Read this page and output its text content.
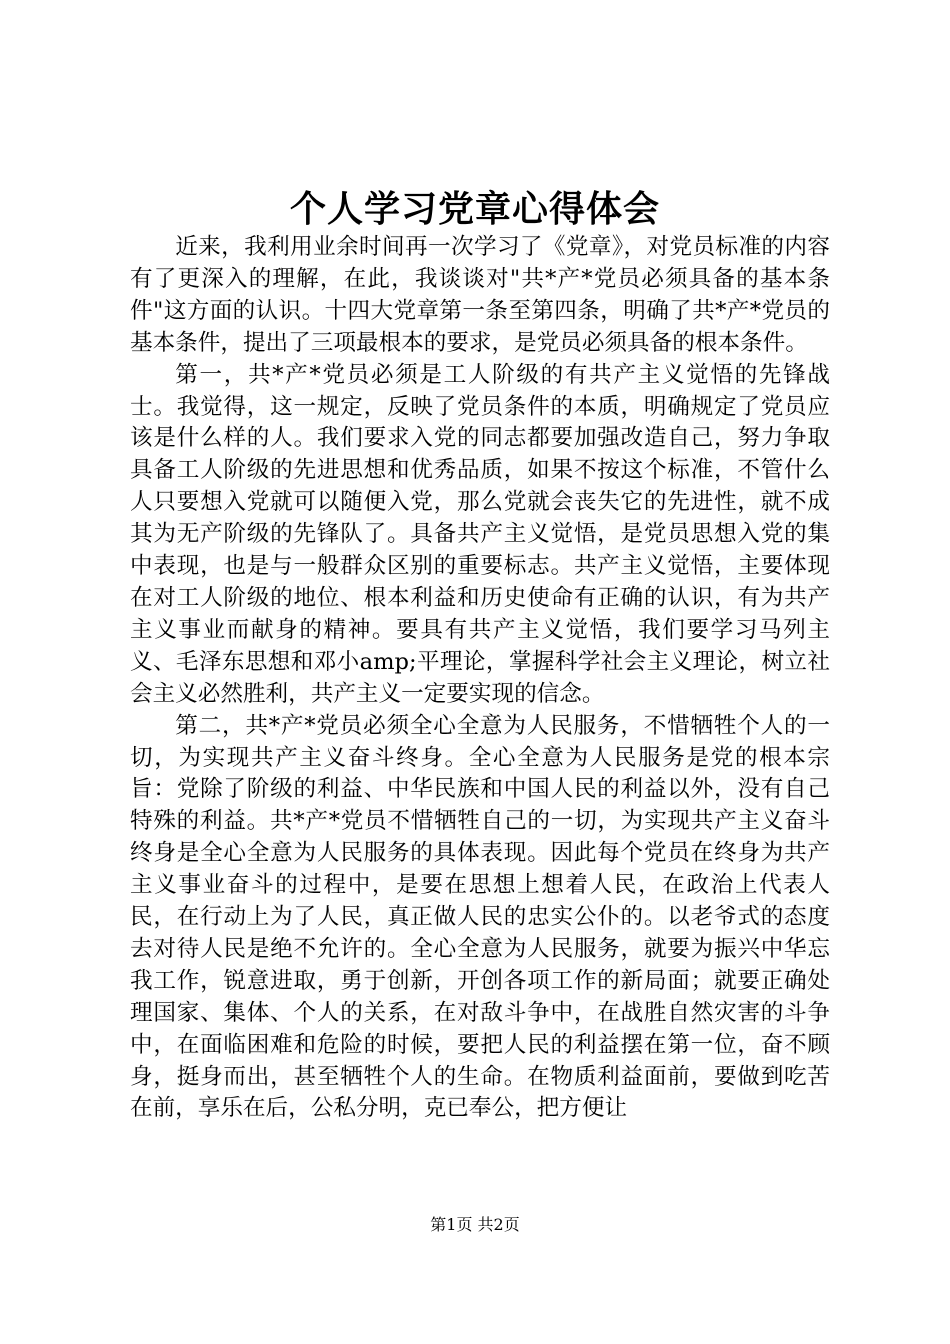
个人学习党章心得体会

近来，我利用业余时间再一次学习了《党章》，对党员标准的内容有了更深入的理解，在此，我谈谈对"共*产*党员必须具备的基本条件"这方面的认识。十四大党章第一条至第四条，明确了共*产*党员的基本条件，提出了三项最根本的要求，是党员必须具备的根本条件。

第一，共*产*党员必须是工人阶级的有共产主义觉悟的先锋战士。我觉得，这一规定，反映了党员条件的本质，明确规定了党员应该是什么样的人。我们要求入党的同志都要加强改造自己，努力争取具备工人阶级的先进思想和优秀品质，如果不按这个标准，不管什么人只要想入党就可以随便入党，那么党就会丧失它的先进性，就不成其为无产阶级的先锋队了。具备共产主义觉悟，是党员思想入党的集中表现，也是与一般群众区别的重要标志。共产主义觉悟，主要体现在对工人阶级的地位、根本利益和历史使命有正确的认识，有为共产主义事业而献身的精神。要具有共产主义觉悟，我们要学习马列主义、毛泽东思想和邓小amp;平理论，掌握科学社会主义理论，树立社会主义必然胜利，共产主义一定要实现的信念。

第二，共*产*党员必须全心全意为人民服务，不惜牺牲个人的一切，为实现共产主义奋斗终身。全心全意为人民服务是党的根本宗旨：党除了阶级的利益、中华民族和中国人民的利益以外，没有自己特殊的利益。共*产*党员不惜牺牲自己的一切，为实现共产主义奋斗终身是全心全意为人民服务的具体表现。因此每个党员在终身为共产主义事业奋斗的过程中，是要在思想上想着人民，在政治上代表人民，在行动上为了人民，真正做人民的忠实公仆的。以老爷式的态度去对待人民是绝不允许的。全心全意为人民服务，就要为振兴中华忘我工作，锐意进取，勇于创新，开创各项工作的新局面；就要正确处理国家、集体、个人的关系，在对敌斗争中，在战胜自然灾害的斗争中，在面临困难和危险的时候，要把人民的利益摆在第一位，奋不顾身，挺身而出，甚至牺牲个人的生命。在物质利益面前，要做到吃苦在前，享乐在后，公私分明，克已奉公，把方便让

第1页 共2页
